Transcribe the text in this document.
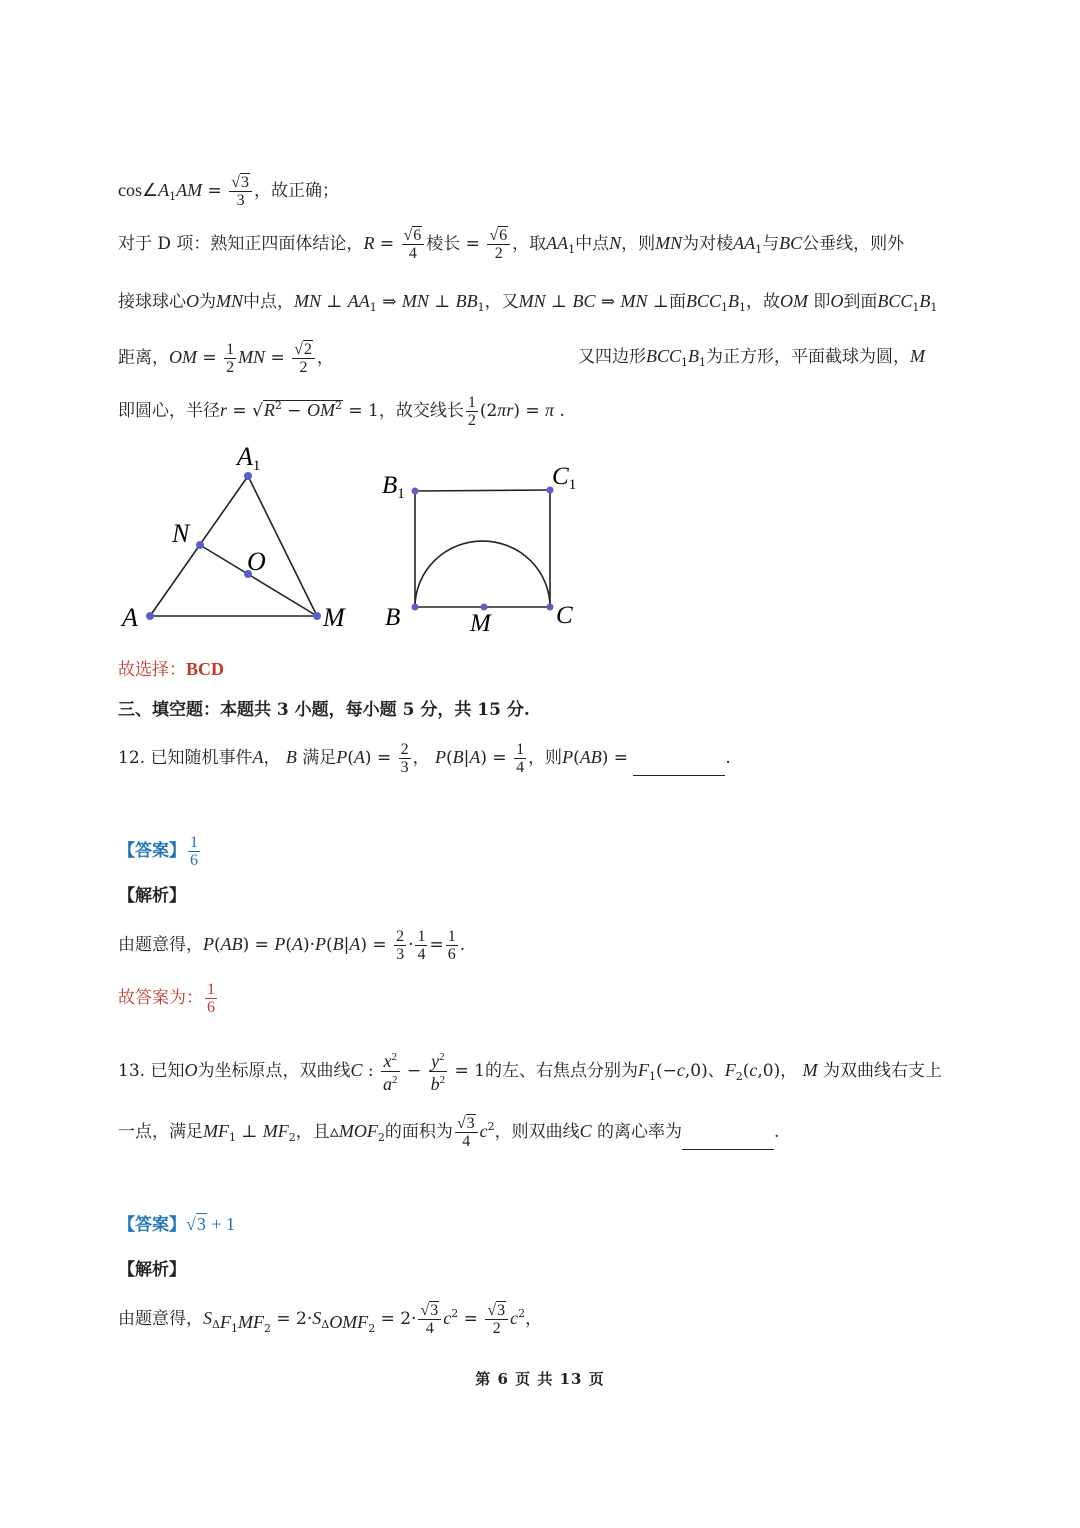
$\cos\angle A_1AM = \frac{√3}{3}$ ，故正确；
对于 D 项：熟知正四面体结论，$R = \frac{√6}{4}$ 棱长 = $\frac{√6}{2}$ ，取$AA_1$中点N，则MN为对棱$AA_1$与BC公垂线，则外
接球球心O为MN中点，MN ⊥ $AA_1$ ⇒ MN ⊥ $BB_1$，又MN ⊥ BC ⇒ MN ⊥面$BCC_1B_1$，故OM 即O到面$BCC_1B_1$
距离，OM = $\frac{1}{2}$ MN = $\frac{√2}{2}$ ，	又四边形$BCC_1B_1$为正方形，平面截球为圆，M
即圆心，半径$r = √R^2 - OM^2 = 1$，故交线长 $\frac{1}{2} (2\pi r) = \pi$ .
A1
N
O
A	M
$B_1$
$C_1$
B	M	C
故选择：BCD
三、填空题：本题共 3 小题，每小题 5 分，共 15 分.
12. 已知随机事件A， B 满足$P(A) = \frac{2}{3}$ ， $P(B|A) = \frac{1}{4}$ ，则P(AB) =	.
【答案】 $\frac{1}{6}$
【解析】
由题意得，$P(AB) = P(A)\cdot P(B|A) = \frac{2}{3} \cdot \frac{1}{4} = \frac{1}{6}$ .
故答案为： $\frac{1}{6}$
13. 已知O为坐标原点，双曲线C : $\frac{x^2}{a^2} - \frac{y^2}{b^2} = 1$的左、右焦点分别为$F_1(-c,0)$、$F_2(c,0)$， M 为双曲线右支上
一点，满足$MF_1$ ⊥ $MF_2$，且$▵MOF_2$的面积为 $\frac{√3}{4} c^2$，则双曲线C 的离心率为	.
【答案】√3 + 1
【解析】
由题意得，$S_{\Delta F_1MF_2} = 2\cdot S_{\Delta OMF_2} = 2\cdot \frac{√3}{4} c^2 = \frac{√3}{2} c^2$，
第 6 页 共 13 页
